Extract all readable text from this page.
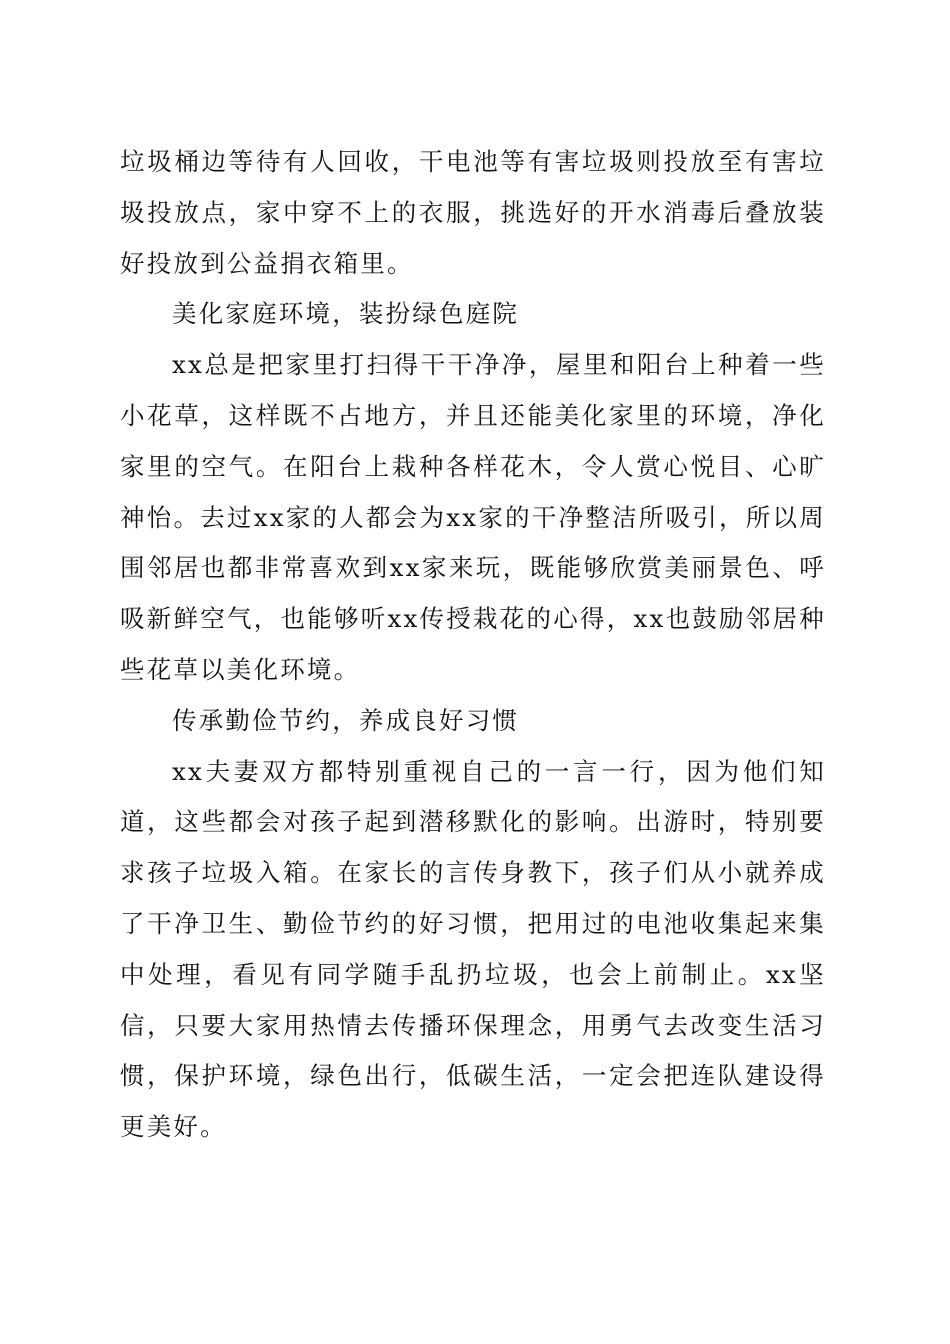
垃圾桶边等待有人回收，干电池等有害垃圾则投放至有害垃圾投放点，家中穿不上的衣服，挑选好的开水消毒后叠放装好投放到公益捐衣箱里。

美化家庭环境，装扮绿色庭院

xx总是把家里打扫得干干净净，屋里和阳台上种着一些小花草，这样既不占地方，并且还能美化家里的环境，净化家里的空气。在阳台上栽种各样花木，令人赏心悦目、心旷神怡。去过xx家的人都会为xx家的干净整洁所吸引，所以周围邻居也都非常喜欢到xx家来玩，既能够欣赏美丽景色、呼吸新鲜空气，也能够听xx传授栽花的心得，xx也鼓励邻居种些花草以美化环境。

传承勤俭节约，养成良好习惯

xx夫妻双方都特别重视自己的一言一行，因为他们知道，这些都会对孩子起到潜移默化的影响。出游时，特别要求孩子垃圾入箱。在家长的言传身教下，孩子们从小就养成了干净卫生、勤俭节约的好习惯，把用过的电池收集起来集中处理，看见有同学随手乱扔垃圾，也会上前制止。xx坚信，只要大家用热情去传播环保理念，用勇气去改变生活习惯，保护环境，绿色出行，低碳生活，一定会把连队建设得更美好。
